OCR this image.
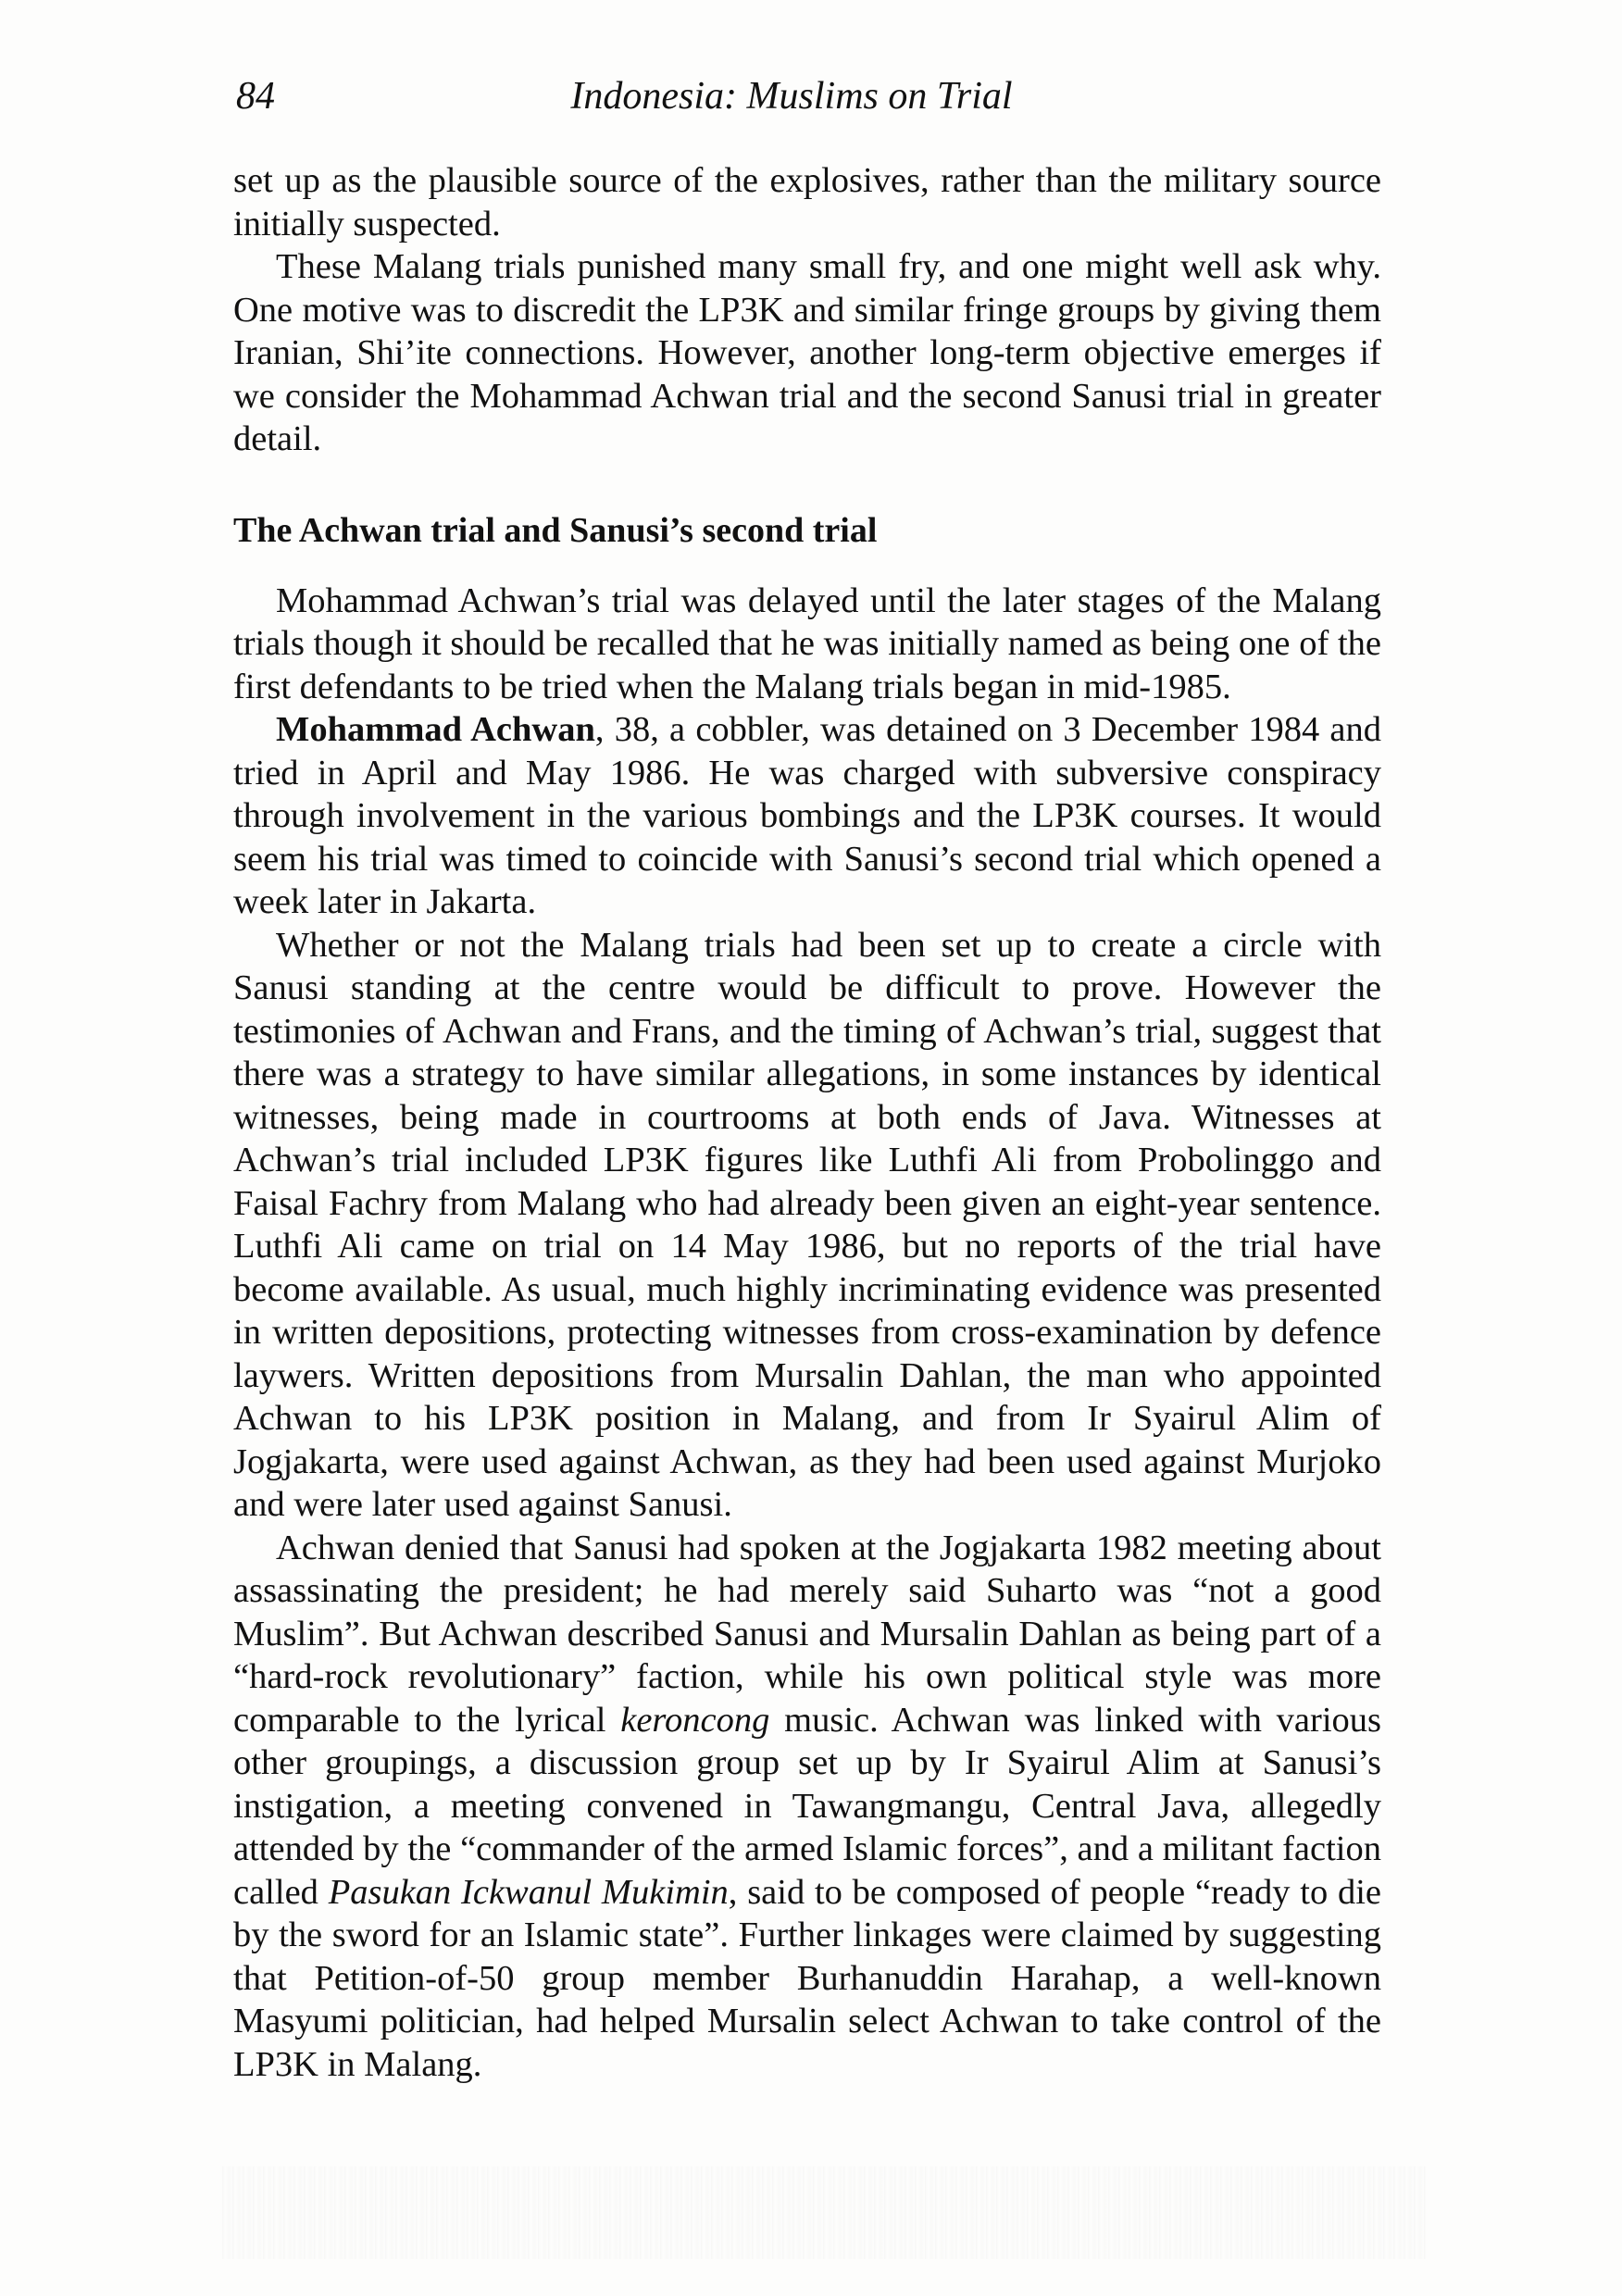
84	Indonesia: Muslims on Trial

set up as the plausible source of the explosives, rather than the military source initially suspected.

These Malang trials punished many small fry, and one might well ask why. One motive was to discredit the LP3K and similar fringe groups by giving them Iranian, Shi’ite connections. However, another long-term objective emerges if we consider the Mohammad Achwan trial and the second Sanusi trial in greater detail.

The Achwan trial and Sanusi’s second trial

Mohammad Achwan’s trial was delayed until the later stages of the Malang trials though it should be recalled that he was initially named as being one of the first defendants to be tried when the Malang trials began in mid-1985.

Mohammad Achwan, 38, a cobbler, was detained on 3 December 1984 and tried in April and May 1986. He was charged with subversive conspiracy through involvement in the various bombings and the LP3K courses. It would seem his trial was timed to coincide with Sanusi’s second trial which opened a week later in Jakarta.

Whether or not the Malang trials had been set up to create a circle with Sanusi standing at the centre would be difficult to prove. However the testimonies of Achwan and Frans, and the timing of Achwan’s trial, suggest that there was a strategy to have similar allegations, in some instances by identical witnesses, being made in courtrooms at both ends of Java. Witnesses at Achwan’s trial included LP3K figures like Luthfi Ali from Probolinggo and Faisal Fachry from Malang who had already been given an eight-year sentence. Luthfi Ali came on trial on 14 May 1986, but no reports of the trial have become available. As usual, much highly incriminating evidence was presented in written depositions, protecting witnesses from cross-examination by defence laywers. Written depositions from Mursalin Dahlan, the man who appointed Achwan to his LP3K position in Malang, and from Ir Syairul Alim of Jogjakarta, were used against Achwan, as they had been used against Murjoko and were later used against Sanusi.

Achwan denied that Sanusi had spoken at the Jogjakarta 1982 meeting about assassinating the president; he had merely said Suharto was “not a good Muslim”. But Achwan described Sanusi and Mursalin Dahlan as being part of a “hard-rock revolutionary” faction, while his own political style was more comparable to the lyrical keroncong music. Achwan was linked with various other groupings, a discussion group set up by Ir Syairul Alim at Sanusi’s instigation, a meeting convened in Tawangmangu, Central Java, allegedly attended by the “commander of the armed Islamic forces”, and a militant faction called Pasukan Ickwanul Mukimin, said to be composed of people “ready to die by the sword for an Islamic state”. Further linkages were claimed by suggesting that Petition-of-50 group member Burhanuddin Harahap, a well-known Masyumi politician, had helped Mursalin select Achwan to take control of the LP3K in Malang.
